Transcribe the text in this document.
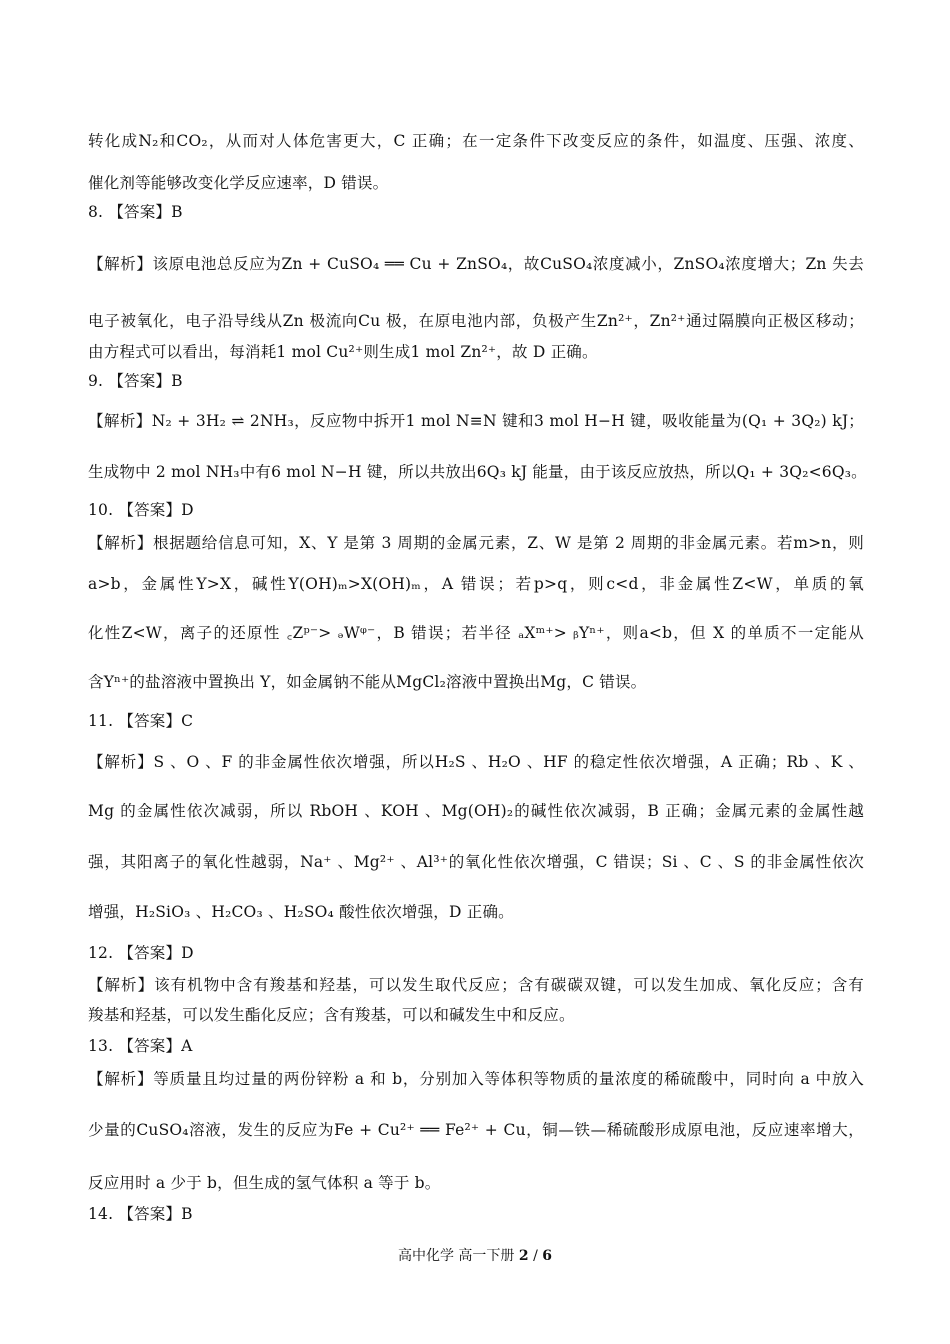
转化成N₂和CO₂，从而对人体危害更大，C 正确；在一定条件下改变反应的条件，如温度、压强、浓度、
催化剂等能够改变化学反应速率，D 错误。
8. 【答案】B
【解析】该原电池总反应为Zn + CuSO₄ ══ Cu + ZnSO₄，故CuSO₄浓度减小，ZnSO₄浓度增大；Zn 失去
电子被氧化，电子沿导线从Zn 极流向Cu 极，在原电池内部，负极产生Zn²⁺，Zn²⁺通过隔膜向正极区移动；
由方程式可以看出，每消耗1 mol Cu²⁺则生成1 mol Zn²⁺，故 D 正确。
9. 【答案】B
【解析】N₂ + 3H₂ ⇌ 2NH₃，反应物中拆开1 mol N≡N 键和3 mol H−H 键，吸收能量为(Q₁ + 3Q₂) kJ；
生成物中 2 mol NH₃中有6 mol N−H 键，所以共放出6Q₃ kJ 能量，由于该反应放热，所以Q₁ + 3Q₂<6Q₃。
10. 【答案】D
【解析】根据题给信息可知，X、Y 是第 3 周期的金属元素，Z、W 是第 2 周期的非金属元素。若m>n，则
a>b，金属性Y>X，碱性Y(OH)ₘ>X(OH)ₘ，A 错误；若p>q，则c<d，非金属性Z<W，单质的氧
化性Z<W，离子的还原性 ꜀Zᵖ⁻> ₔWᵠ⁻，B 错误；若半径 ₐXᵐ⁺> ᵦYⁿ⁺，则a<b，但 X 的单质不一定能从
含Yⁿ⁺的盐溶液中置换出 Y，如金属钠不能从MgCl₂溶液中置换出Mg，C 错误。
11. 【答案】C
【解析】S 、O 、F 的非金属性依次增强，所以H₂S 、H₂O 、HF 的稳定性依次增强，A 正确；Rb 、K 、
Mg 的金属性依次减弱，所以 RbOH 、KOH 、Mg(OH)₂的碱性依次减弱，B 正确；金属元素的金属性越
强，其阳离子的氧化性越弱，Na⁺ 、Mg²⁺ 、Al³⁺的氧化性依次增强，C 错误；Si 、C 、S 的非金属性依次
增强，H₂SiO₃ 、H₂CO₃ 、H₂SO₄ 酸性依次增强，D 正确。
12. 【答案】D
【解析】该有机物中含有羧基和羟基，可以发生取代反应；含有碳碳双键，可以发生加成、氧化反应；含有
羧基和羟基，可以发生酯化反应；含有羧基，可以和碱发生中和反应。
13. 【答案】A
【解析】等质量且均过量的两份锌粉 a 和 b，分别加入等体积等物质的量浓度的稀硫酸中，同时向 a 中放入
少量的CuSO₄溶液，发生的反应为Fe + Cu²⁺ ══ Fe²⁺ + Cu，铜—铁—稀硫酸形成原电池，反应速率增大，
反应用时 a 少于 b，但生成的氢气体积 a 等于 b。
14. 【答案】B
高中化学 高一下册 2 / 6
